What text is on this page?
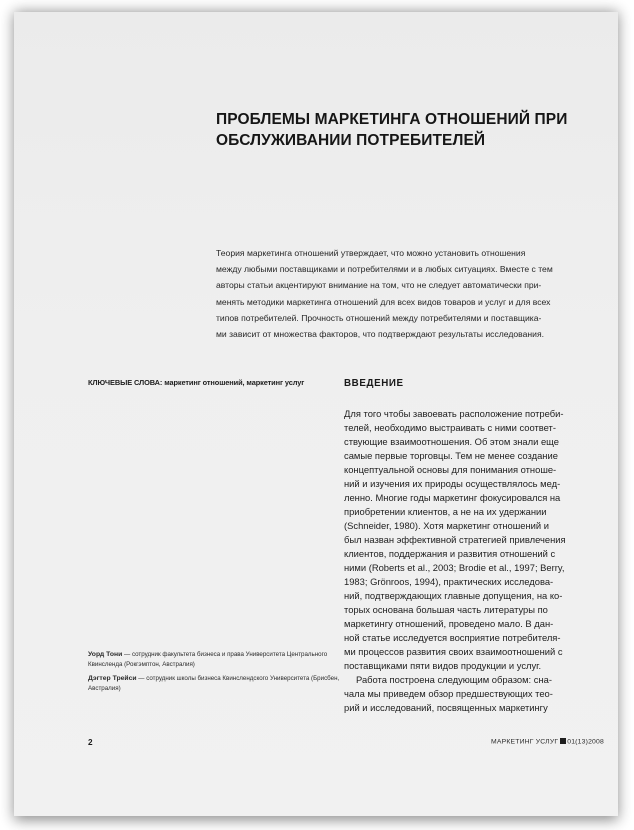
ПРОБЛЕМЫ МАРКЕТИНГА ОТНОШЕНИЙ ПРИ
ОБСЛУЖИВАНИИ ПОТРЕБИТЕЛЕЙ
Теория маркетинга отношений утверждает, что можно установить отношения
между любыми поставщиками и потребителями и в любых ситуациях. Вместе с тем
авторы статьи акцентируют внимание на том, что не следует автоматически при-
менять методики маркетинга отношений для всех видов товаров и услуг и для всех
типов потребителей. Прочность отношений между потребителями и поставщика-
ми зависит от множества факторов, что подтверждают результаты исследования.
КЛЮЧЕВЫЕ СЛОВА: маркетинг отношений, маркетинг услуг	ВВЕДЕНИЕ
Для того чтобы завоевать расположение потреби-
телей, необходимо выстраивать с ними соответ-
ствующие взаимоотношения. Об этом знали еще
самые первые торговцы. Тем не менее создание
концептуальной основы для понимания отноше-
ний и изучения их природы осуществлялось мед-
ленно. Многие годы маркетинг фокусировался на
приобретении клиентов, а не на их удержании
(Schneider, 1980). Хотя маркетинг отношений и
был назван эффективной стратегией привлечения
клиентов, поддержания и развития отношений с
ними (Roberts et al., 2003; Brodie et al., 1997; Berry,
1983; Grönroos, 1994), практических исследова-
ний, подтверждающих главные допущения, на ко-
торых основана большая часть литературы по
маркетингу отношений, проведено мало. В дан-
ной статье исследуется восприятие потребителя-
ми процессов развития своих взаимоотношений с
поставщиками пяти видов продукции и услуг.
Работа построена следующим образом: сна-
чала мы приведем обзор предшествующих тео-
рий и исследований, посвященных маркетингу
Уорд Тони — сотрудник факультета бизнеса и права Университета Центрального
Квинсленда (Рокгэмптон, Австралия)
Дэгтер Трейси — сотрудник школы бизнеса Квинслендского Университета (Брисбен,
Австралия)
2	МАРКЕТИНГ УСЛУГ 01(13)2008
